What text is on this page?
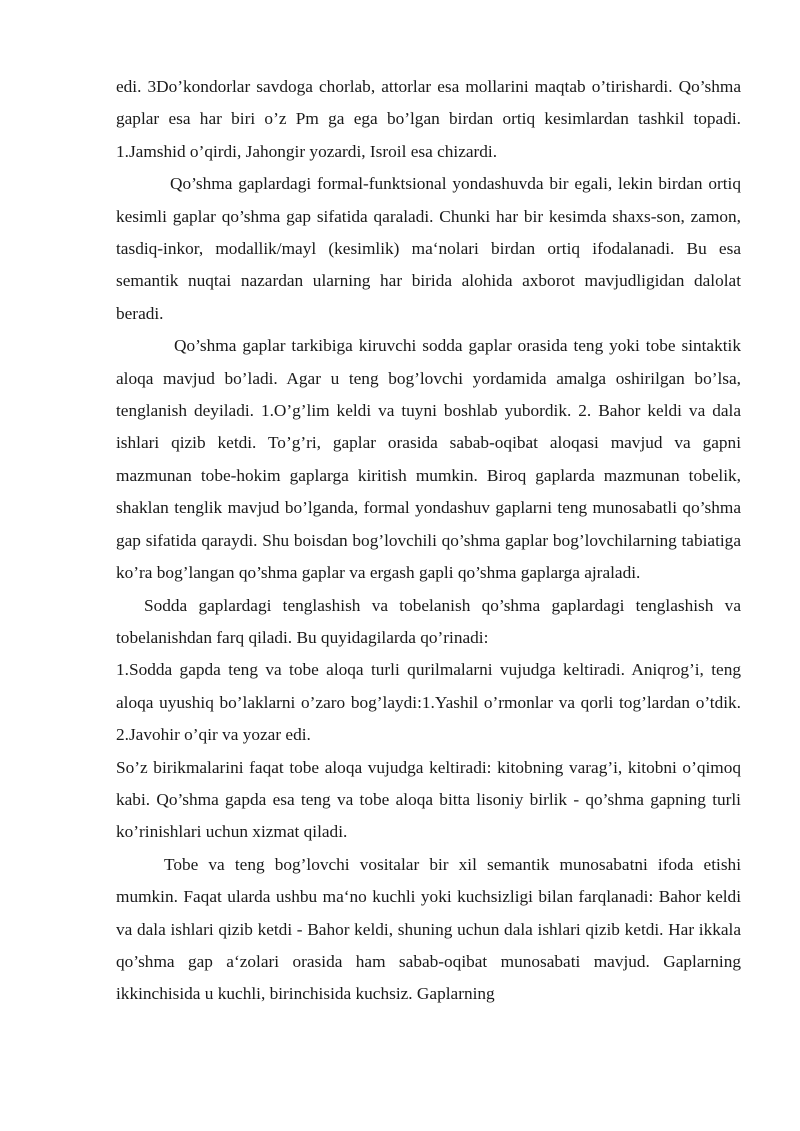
edi. 3Do’kondorlar savdoga chorlab, attorlar esa mollarini maqtab o’tirishardi. Qo’shma gaplar esa har biri o’z Pm ga ega bo’lgan birdan ortiq kesimlardan tashkil topadi. 1.Jamshid o’qirdi, Jahongir yozardi, Isroil esa chizardi.

Qo’shma gaplardagi formal-funktsional yondashuvda bir egali, lekin birdan ortiq kesimli gaplar qo’shma gap sifatida qaraladi. Chunki har bir kesimda shaxs-son, zamon, tasdiq-inkor, modallik/mayl (kesimlik) ma‘nolari birdan ortiq ifodalanadi. Bu esa semantik nuqtai nazardan ularning har birida alohida axborot mavjudligidan dalolat beradi.

Qo’shma gaplar tarkibiga kiruvchi sodda gaplar orasida teng yoki tobe sintaktik aloqa mavjud bo’ladi. Agar u teng bog’lovchi yordamida amalga oshirilgan bo’lsa, tenglanish deyiladi. 1.O’g’lim keldi va tuyni boshlab yubordik. 2. Bahor keldi va dala ishlari qizib ketdi. To’g’ri, gaplar orasida sabab-oqibat aloqasi mavjud va gapni mazmunan tobe-hokim gaplarga kiritish mumkin. Biroq gaplarda mazmunan tobelik, shaklan tenglik mavjud bo’lganda, formal yondashuv gaplarni teng munosabatli qo’shma gap sifatida qaraydi. Shu boisdan bog’lovchili qo’shma gaplar bog’lovchilarning tabiatiga ko’ra bog’langan qo’shma gaplar va ergash gapli qo’shma gaplarga ajraladi.

Sodda gaplardagi tenglashish va tobelanish qo’shma gaplardagi tenglashish va tobelanishdan farq qiladi. Bu quyidagilarda qo’rinadi:

1.Sodda gapda teng va tobe aloqa turli qurilmalarni vujudga keltiradi. Aniqrog’i, teng aloqa uyushiq bo’laklarni o’zaro bog’laydi:1.Yashil o’rmonlar va qorli tog’lardan o’tdik. 2.Javohir o’qir va yozar edi.

So’z birikmalarini faqat tobe aloqa vujudga keltiradi: kitobning varag’i, kitobni o’qimoq kabi. Qo’shma gapda esa teng va tobe aloqa bitta lisoniy birlik - qo’shma gapning turli ko’rinishlari uchun xizmat qiladi.

Tobe va teng bog’lovchi vositalar bir xil semantik munosabatni ifoda etishi mumkin. Faqat ularda ushbu ma‘no kuchli yoki kuchsizligi bilan farqlanadi: Bahor keldi va dala ishlari qizib ketdi - Bahor keldi, shuning uchun dala ishlari qizib ketdi. Har ikkala qo’shma gap a‘zolari orasida ham sabab-oqibat munosabati mavjud. Gaplarning ikkinchisida u kuchli, birinchisida kuchsiz. Gaplarning
